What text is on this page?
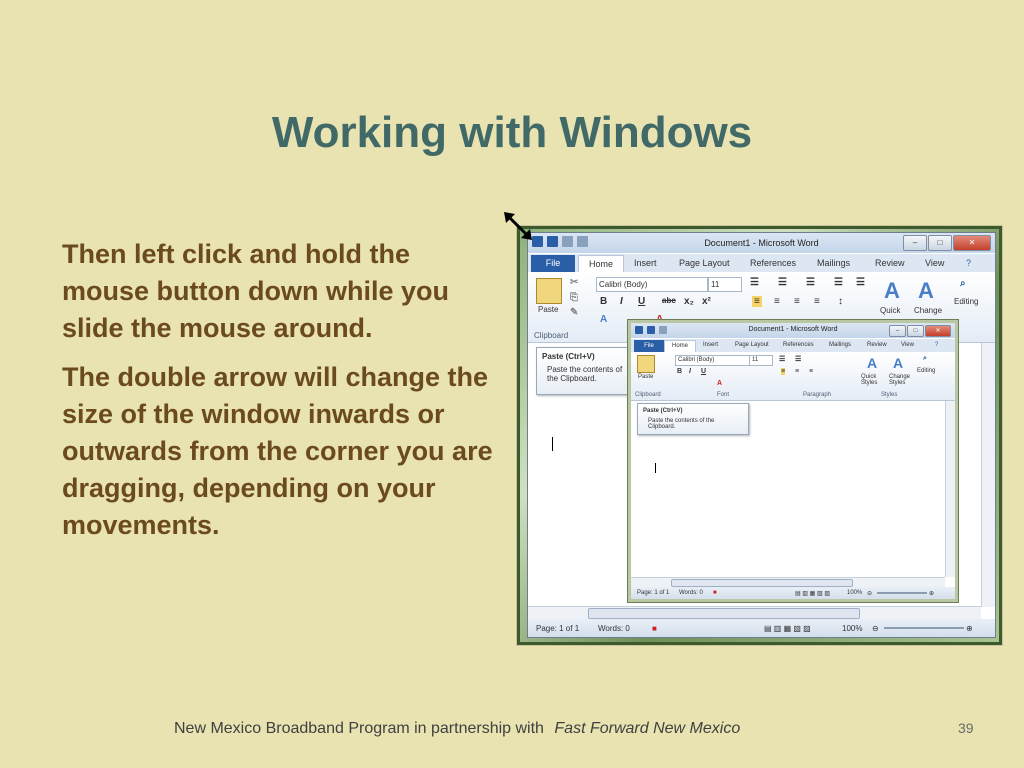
Working with Windows

Then left click and hold the mouse button down while you slide the mouse around.

The double arrow will change the size of the window inwards or outwards from the corner you are dragging, depending on your movements.

Document1 - Microsoft Word	–	□	✕
File	Home	Insert Page Layout References Mailings	Review View ?
Paste
✂
⎘
✎
Clipboard
Calibri (Body)	11
B I U abc x₂ x²
A
☰ ☰ ☰ ☰ ☰
≡ ≡ ≡ ≡ ↕ A
Quick
A
Change
⌕
Editing
Paste (Ctrl+V)
Paste the contents of the Clipboard.
Page: 1 of 1 Words: 0	■	▤ ▥ ▦ ▧ ▨	100% ⊖	⊕
Document1 - Microsoft Word	–	□	✕
File	Home	Insert	Page Layout References	Mailings	Review View	?
Paste
Calibri (Body)	11
B I U
A
☰ ☰
≡ ≡ ≡
A
Quick Styles
A
Change Styles
⌕
Editing
Clipboard	Font	Paragraph	Styles
Paste (Ctrl+V)
Paste the contents of the Clipboard.
Page: 1 of 1 Words: 0 ■	▤ ▥ ▦ ▧ ▨	100% ⊖	⊕
New Mexico Broadband Program in partnership with Fast Forward New Mexico	39
